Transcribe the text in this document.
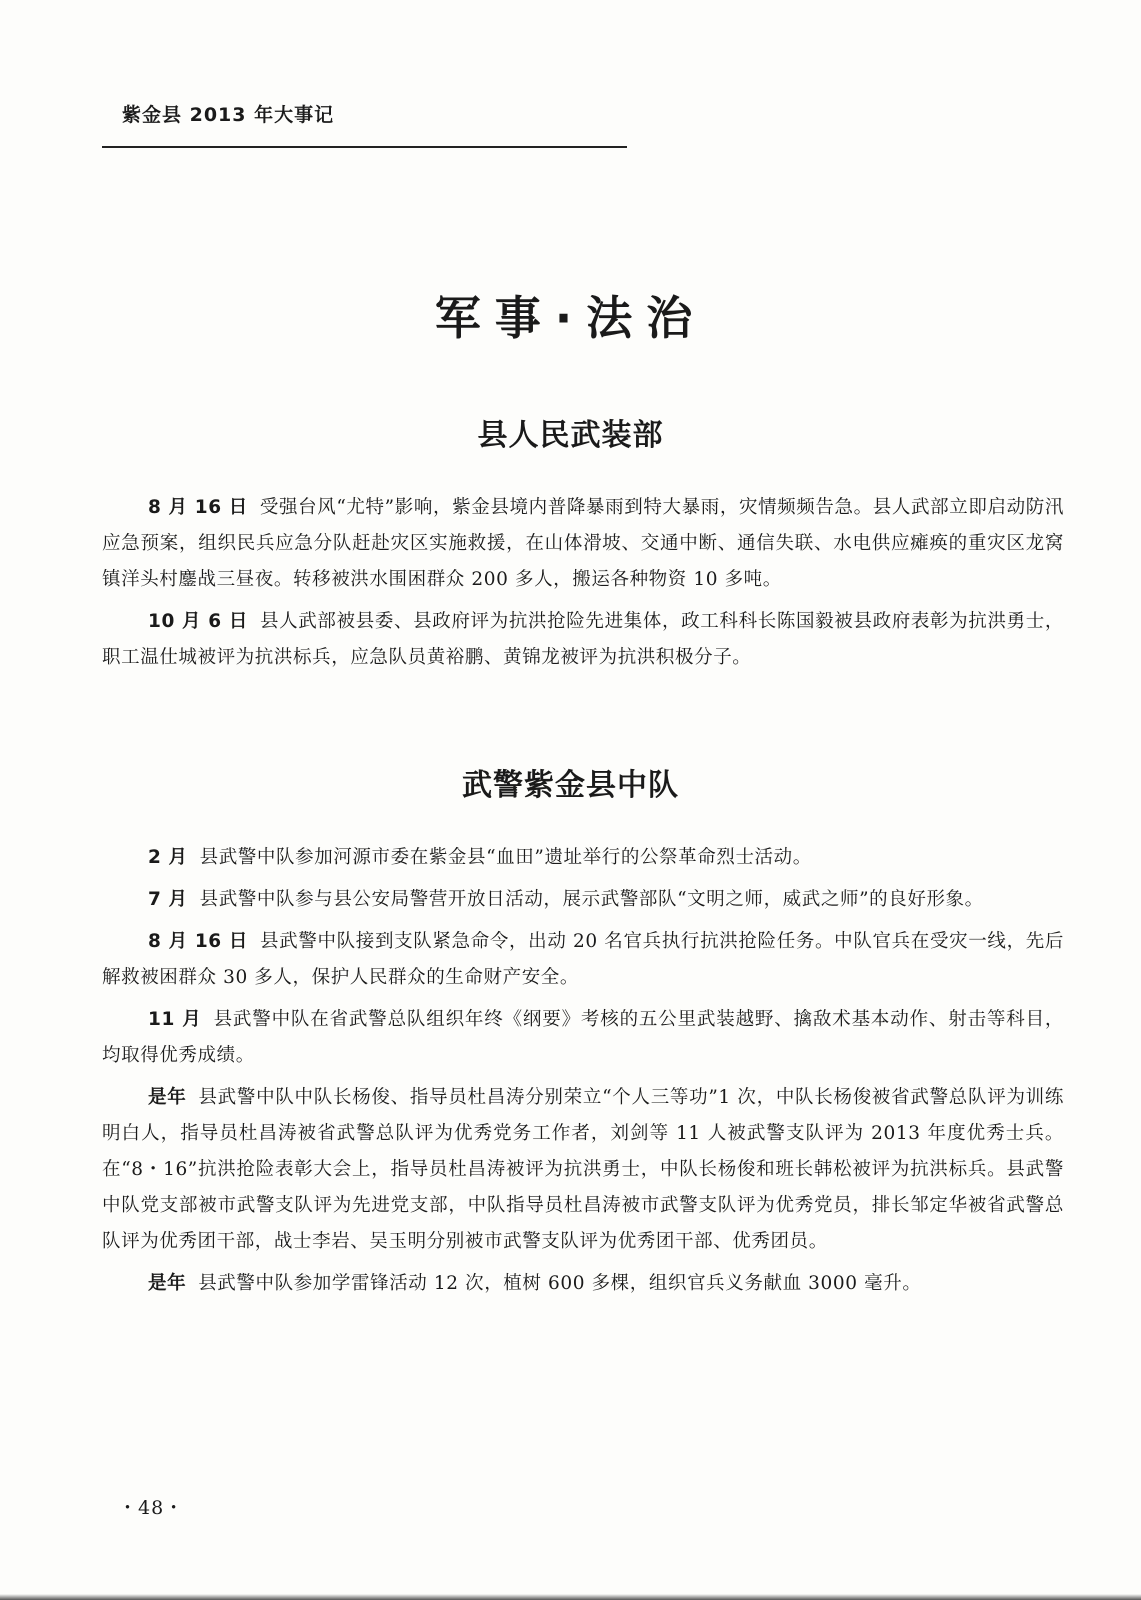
紫金县 2013 年大事记
军事·法治
县人民武装部

8 月 16 日 受强台风“尤特”影响，紫金县境内普降暴雨到特大暴雨，灾情频频告急。县人武部立即启动防汛应急预案，组织民兵应急分队赶赴灾区实施救援，在山体滑坡、交通中断、通信失联、水电供应瘫痪的重灾区龙窝镇洋头村鏖战三昼夜。转移被洪水围困群众 200 多人，搬运各种物资 10 多吨。

10 月 6 日 县人武部被县委、县政府评为抗洪抢险先进集体，政工科科长陈国毅被县政府表彰为抗洪勇士，职工温仕城被评为抗洪标兵，应急队员黄裕鹏、黄锦龙被评为抗洪积极分子。

武警紫金县中队

2 月 县武警中队参加河源市委在紫金县“血田”遗址举行的公祭革命烈士活动。

7 月 县武警中队参与县公安局警营开放日活动，展示武警部队“文明之师，威武之师”的良好形象。

8 月 16 日 县武警中队接到支队紧急命令，出动 20 名官兵执行抗洪抢险任务。中队官兵在受灾一线，先后解救被困群众 30 多人，保护人民群众的生命财产安全。

11 月 县武警中队在省武警总队组织年终《纲要》考核的五公里武装越野、擒敌术基本动作、射击等科目，均取得优秀成绩。

是年 县武警中队中队长杨俊、指导员杜昌涛分别荣立“个人三等功”1 次，中队长杨俊被省武警总队评为训练明白人，指导员杜昌涛被省武警总队评为优秀党务工作者，刘剑等 11 人被武警支队评为 2013 年度优秀士兵。在“8・16”抗洪抢险表彰大会上，指导员杜昌涛被评为抗洪勇士，中队长杨俊和班长韩松被评为抗洪标兵。县武警中队党支部被市武警支队评为先进党支部，中队指导员杜昌涛被市武警支队评为优秀党员，排长邹定华被省武警总队评为优秀团干部，战士李岩、吴玉明分别被市武警支队评为优秀团干部、优秀团员。

是年 县武警中队参加学雷锋活动 12 次，植树 600 多棵，组织官兵义务献血 3000 毫升。

・48・
